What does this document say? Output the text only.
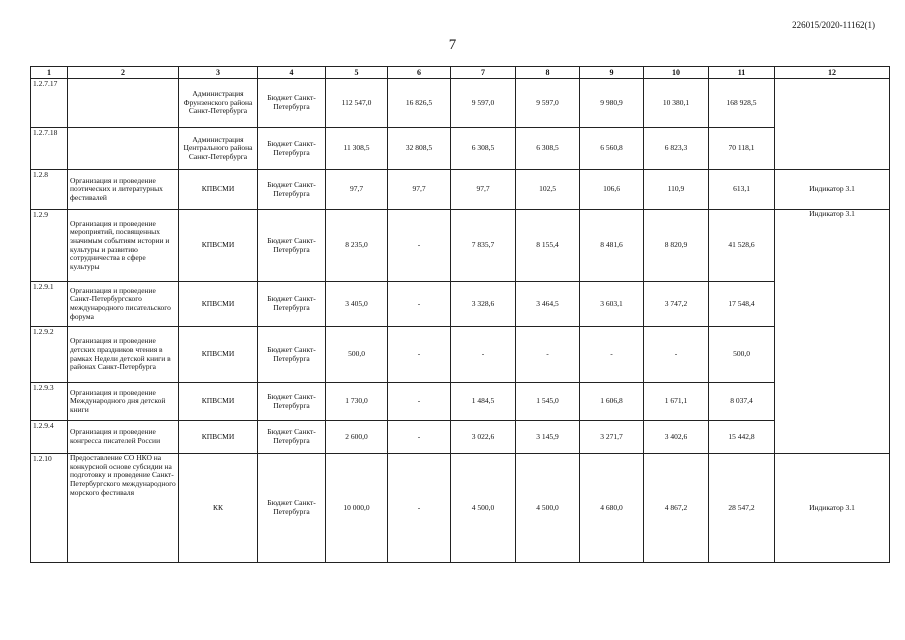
226015/2020-11162(1)
7
1	2	3	4	5	6	7	8	9	10	11	12
1.2.7.17		Администрация Фрунзенского района Санкт-Петербурга	Бюджет Санкт-Петербурга	112 547,0	16 826,5	9 597,0	9 597,0	9 980,9	10 380,1	168 928,5	
1.2.7.18		Администрация Центрального района Санкт-Петербурга	Бюджет Санкт-Петербурга	11 308,5	32 808,5	6 308,5	6 308,5	6 560,8	6 823,3	70 118,1	
1.2.8	Организация и проведение поэтических и литературных фестивалей	КПВСМИ	Бюджет Санкт-Петербурга	97,7	97,7	97,7	102,5	106,6	110,9	613,1	Индикатор 3.1
1.2.9	Организация и проведение мероприятий, посвященных значимым событиям истории и культуры и развитию сотрудничества в сфере культуры	КПВСМИ	Бюджет Санкт-Петербурга	8 235,0	-	7 835,7	8 155,4	8 481,6	8 820,9	41 528,6	Индикатор 3.1
1.2.9.1	Организация и проведение Санкт-Петербургского международного писательского форума	КПВСМИ	Бюджет Санкт-Петербурга	3 405,0	-	3 328,6	3 464,5	3 603,1	3 747,2	17 548,4	
1.2.9.2	Организация и проведение детских праздников чтения в рамках Недели детской книги в районах Санкт-Петербурга	КПВСМИ	Бюджет Санкт-Петербурга	500,0	-	-	-	-	-	500,0	
1.2.9.3	Организация и проведение Международного дня детской книги	КПВСМИ	Бюджет Санкт-Петербурга	1 730,0	-	1 484,5	1 545,0	1 606,8	1 671,1	8 037,4	
1.2.9.4	Организация и проведение конгресса писателей России	КПВСМИ	Бюджет Санкт-Петербурга	2 600,0	-	3 022,6	3 145,9	3 271,7	3 402,6	15 442,8	
1.2.10	Предоставление СО НКО на конкурсной основе субсидии на подготовку и проведение Санкт-Петербургского международного морского фестиваля	КК	Бюджет Санкт-Петербурга	10 000,0	-	4 500,0	4 500,0	4 680,0	4 867,2	28 547,2	Индикатор 3.1
